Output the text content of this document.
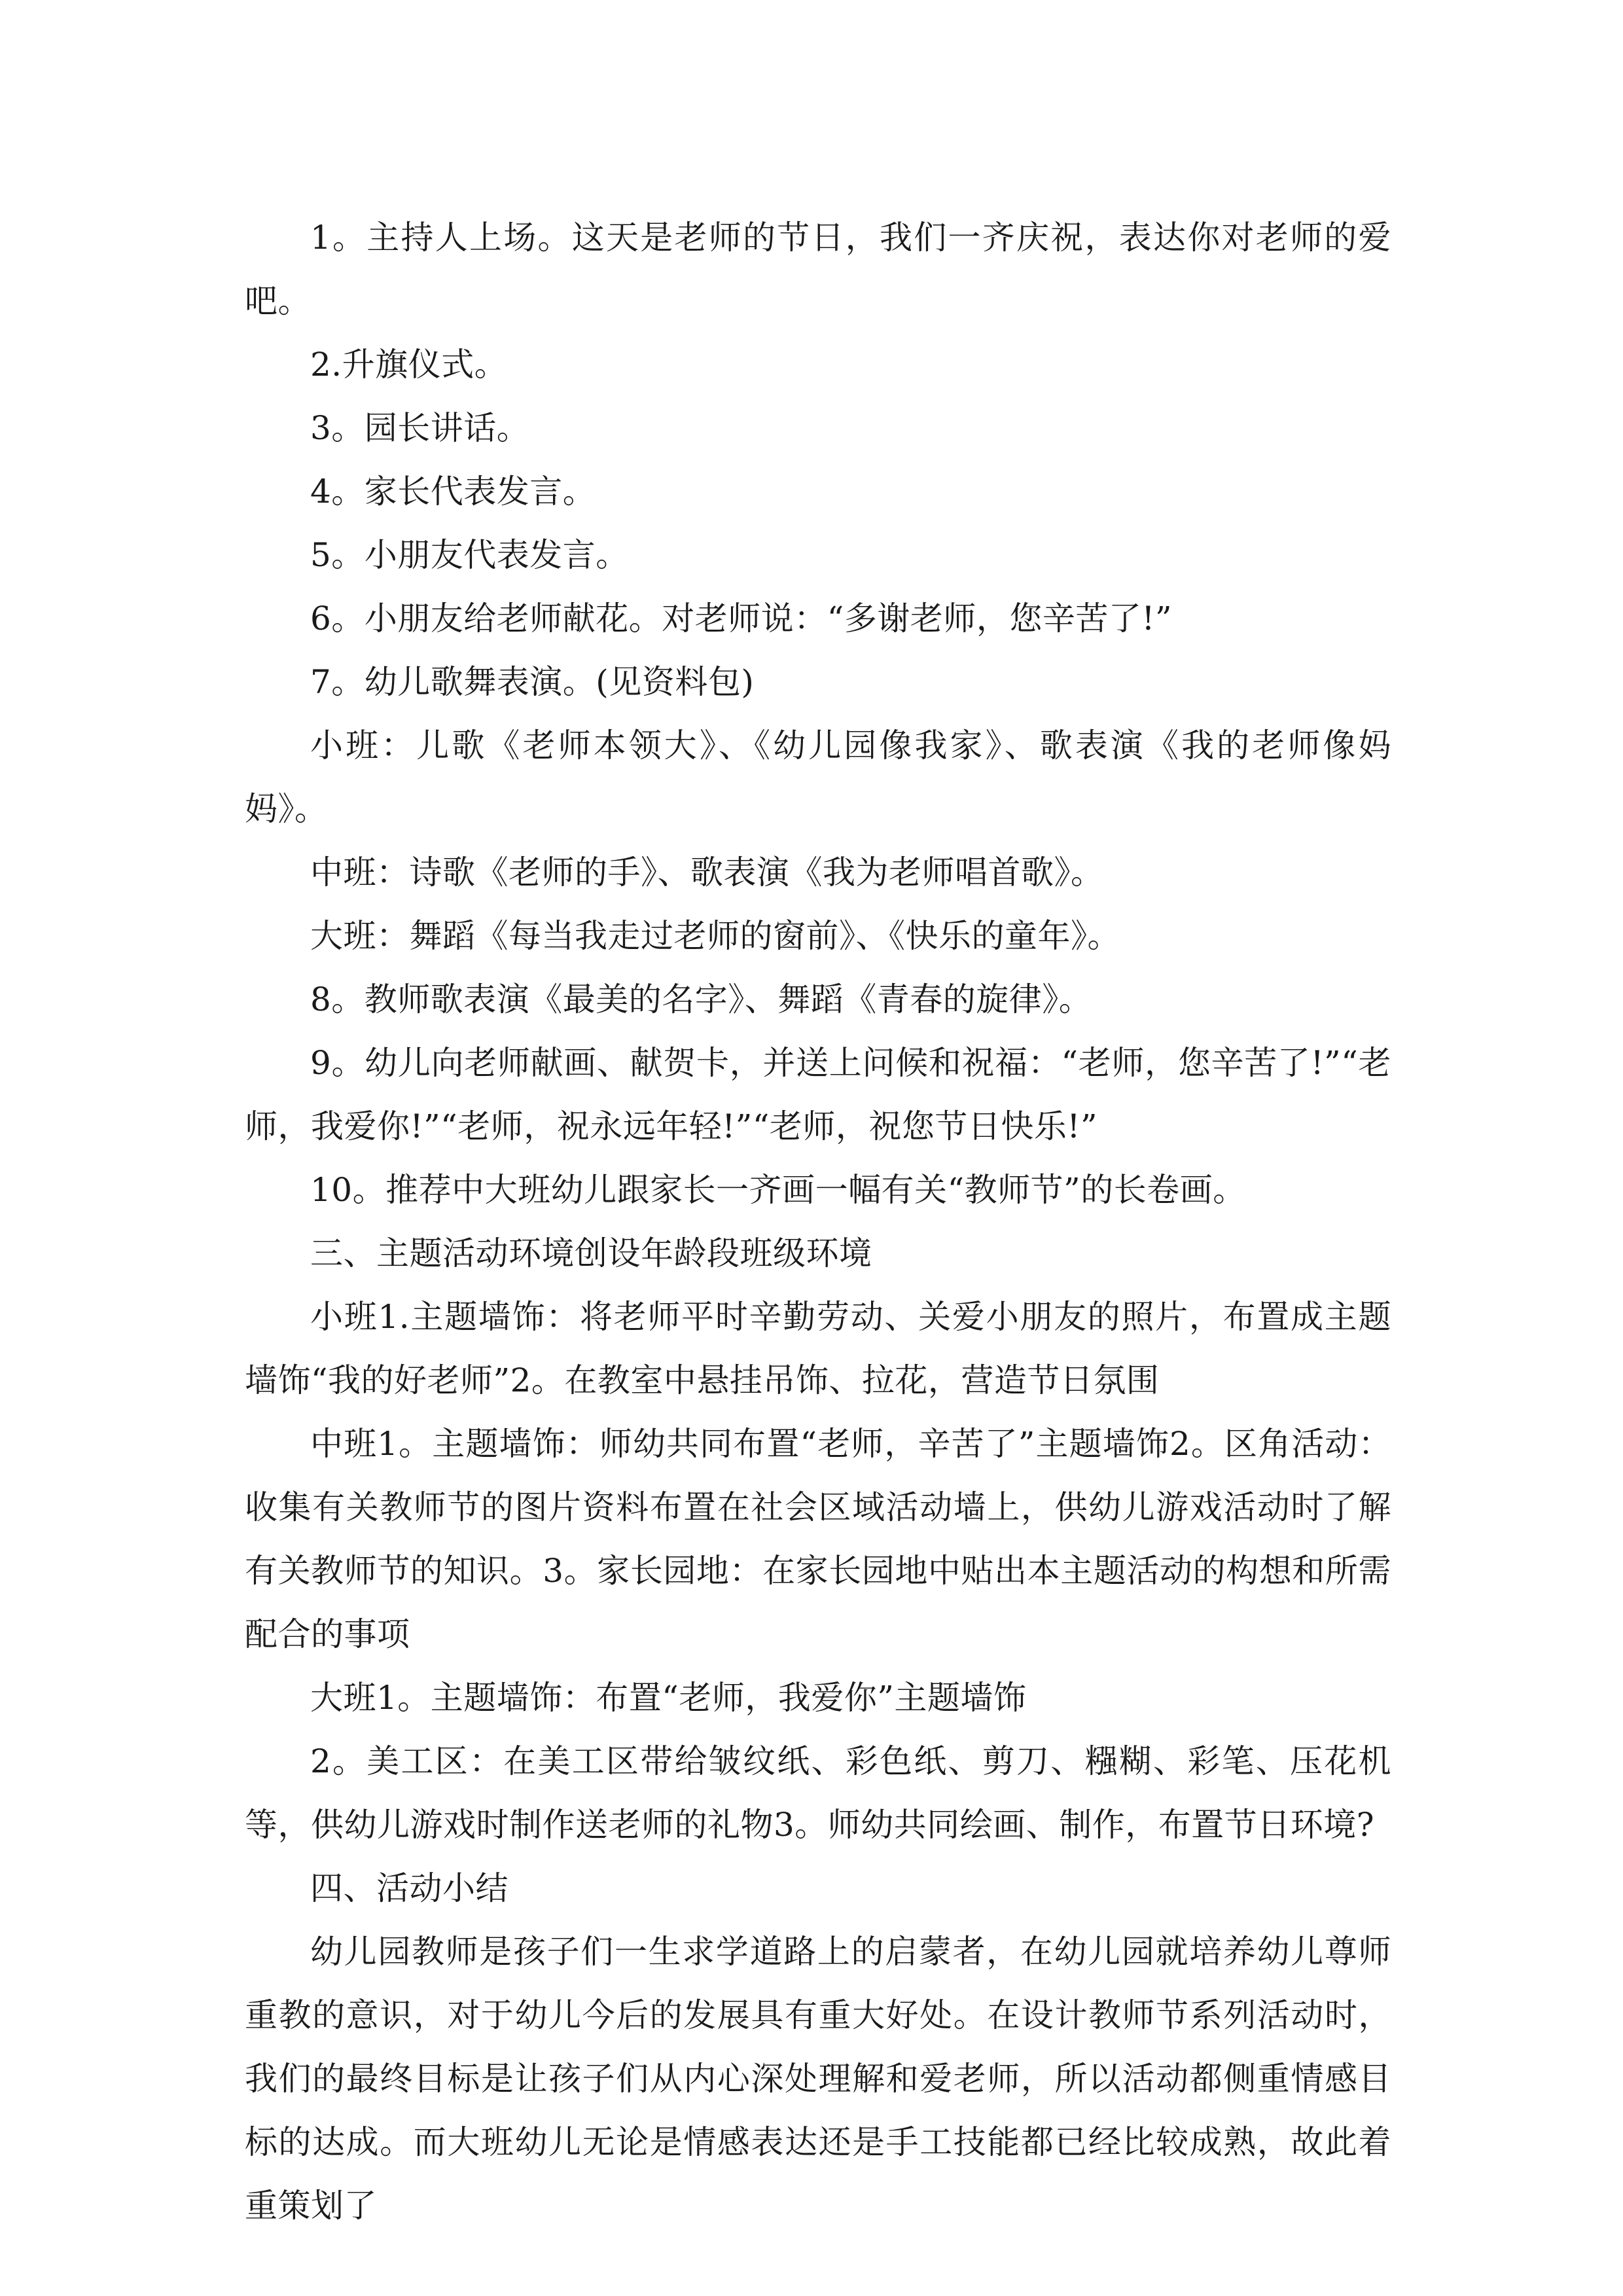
1。主持人上场。这天是老师的节日，我们一齐庆祝，表达你对老师的爱吧。

2.升旗仪式。

3。园长讲话。

4。家长代表发言。

5。小朋友代表发言。

6。小朋友给老师献花。对老师说：“多谢老师，您辛苦了!”

7。幼儿歌舞表演。(见资料包)

小班：儿歌《老师本领大》、《幼儿园像我家》、歌表演《我的老师像妈妈》。

中班：诗歌《老师的手》、歌表演《我为老师唱首歌》。

大班：舞蹈《每当我走过老师的窗前》、《快乐的童年》。

8。教师歌表演《最美的名字》、舞蹈《青春的旋律》。

9。幼儿向老师献画、献贺卡，并送上问候和祝福：“老师，您辛苦了!”“老师，我爱你!”“老师，祝永远年轻!”“老师，祝您节日快乐!”

10。推荐中大班幼儿跟家长一齐画一幅有关“教师节”的长卷画。

三、主题活动环境创设年龄段班级环境

小班1.主题墙饰：将老师平时辛勤劳动、关爱小朋友的照片，布置成主题墙饰“我的好老师”2。在教室中悬挂吊饰、拉花，营造节日氛围

中班1。主题墙饰：师幼共同布置“老师，辛苦了”主题墙饰2。区角活动：收集有关教师节的图片资料布置在社会区域活动墙上，供幼儿游戏活动时了解有关教师节的知识。3。家长园地：在家长园地中贴出本主题活动的构想和所需配合的事项

大班1。主题墙饰：布置“老师，我爱你”主题墙饰

2。美工区：在美工区带给皱纹纸、彩色纸、剪刀、糨糊、彩笔、压花机等，供幼儿游戏时制作送老师的礼物3。师幼共同绘画、制作，布置节日环境?

四、活动小结

幼儿园教师是孩子们一生求学道路上的启蒙者，在幼儿园就培养幼儿尊师重教的意识，对于幼儿今后的发展具有重大好处。在设计教师节系列活动时，我们的最终目标是让孩子们从内心深处理解和爱老师，所以活动都侧重情感目标的达成。而大班幼儿无论是情感表达还是手工技能都已经比较成熟，故此着重策划了
